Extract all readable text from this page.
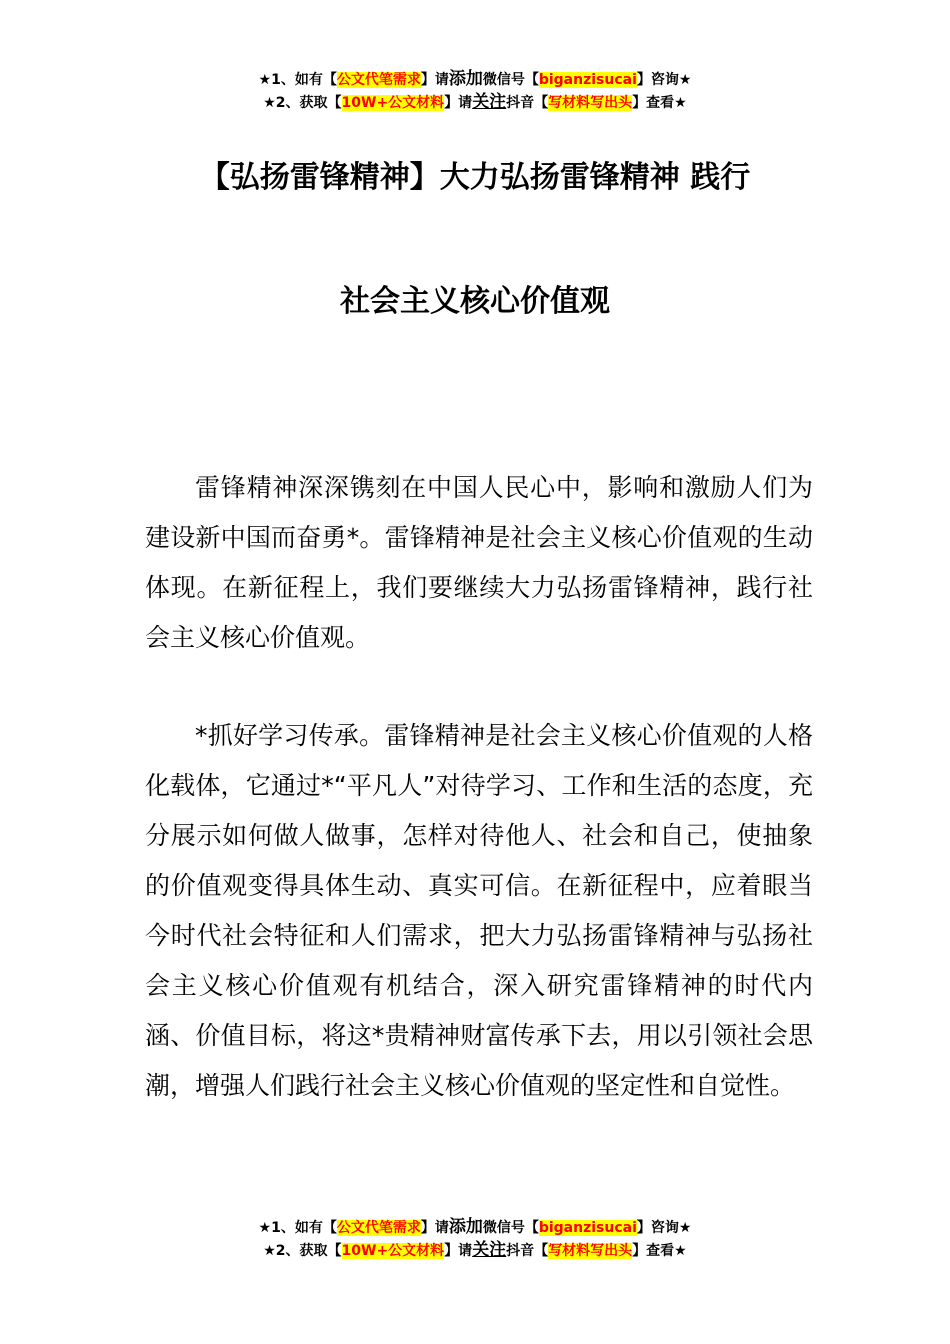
★1、如有【公文代笔需求】请添加微信号【biganzisucai】咨询★
★2、获取【10W+公文材料】请关注抖音【写材料写出头】查看★
【弘扬雷锋精神】大力弘扬雷锋精神 践行
社会主义核心价值观

雷锋精神深深镌刻在中国人民心中，影响和激励人们为建设新中国而奋勇*。雷锋精神是社会主义核心价值观的生动体现。在新征程上，我们要继续大力弘扬雷锋精神，践行社会主义核心价值观。

*抓好学习传承。雷锋精神是社会主义核心价值观的人格化载体，它通过*“平凡人”对待学习、工作和生活的态度，充分展示如何做人做事，怎样对待他人、社会和自己，使抽象的价值观变得具体生动、真实可信。在新征程中，应着眼当今时代社会特征和人们需求，把大力弘扬雷锋精神与弘扬社会主义核心价值观有机结合，深入研究雷锋精神的时代内涵、价值目标，将这*贵精神财富传承下去，用以引领社会思潮，增强人们践行社会主义核心价值观的坚定性和自觉性。

★1、如有【公文代笔需求】请添加微信号【biganzisucai】咨询★
★2、获取【10W+公文材料】请关注抖音【写材料写出头】查看★
